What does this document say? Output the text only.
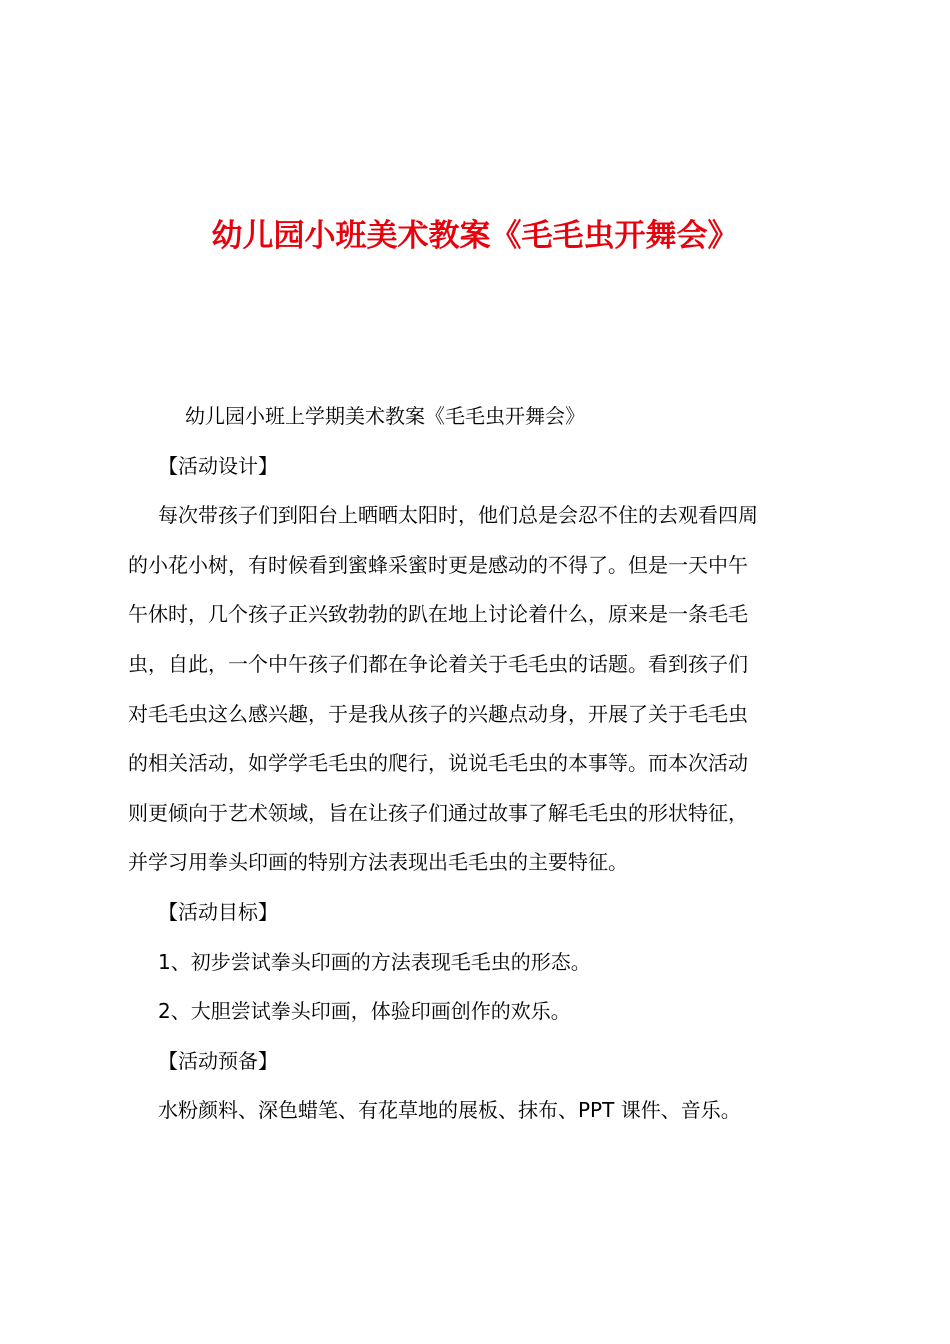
幼儿园小班美术教案《毛毛虫开舞会》
幼儿园小班上学期美术教案《毛毛虫开舞会》
【活动设计】
每次带孩子们到阳台上晒晒太阳时，他们总是会忍不住的去观看四周
的小花小树，有时候看到蜜蜂采蜜时更是感动的不得了。但是一天中午
午休时，几个孩子正兴致勃勃的趴在地上讨论着什么，原来是一条毛毛
虫，自此，一个中午孩子们都在争论着关于毛毛虫的话题。看到孩子们
对毛毛虫这么感兴趣，于是我从孩子的兴趣点动身，开展了关于毛毛虫
的相关活动，如学学毛毛虫的爬行，说说毛毛虫的本事等。而本次活动
则更倾向于艺术领域，旨在让孩子们通过故事了解毛毛虫的形状特征，
并学习用拳头印画的特别方法表现出毛毛虫的主要特征。
【活动目标】
1、初步尝试拳头印画的方法表现毛毛虫的形态。
2、大胆尝试拳头印画，体验印画创作的欢乐。
【活动预备】
水粉颜料、深色蜡笔、有花草地的展板、抹布、PPT 课件、音乐。
